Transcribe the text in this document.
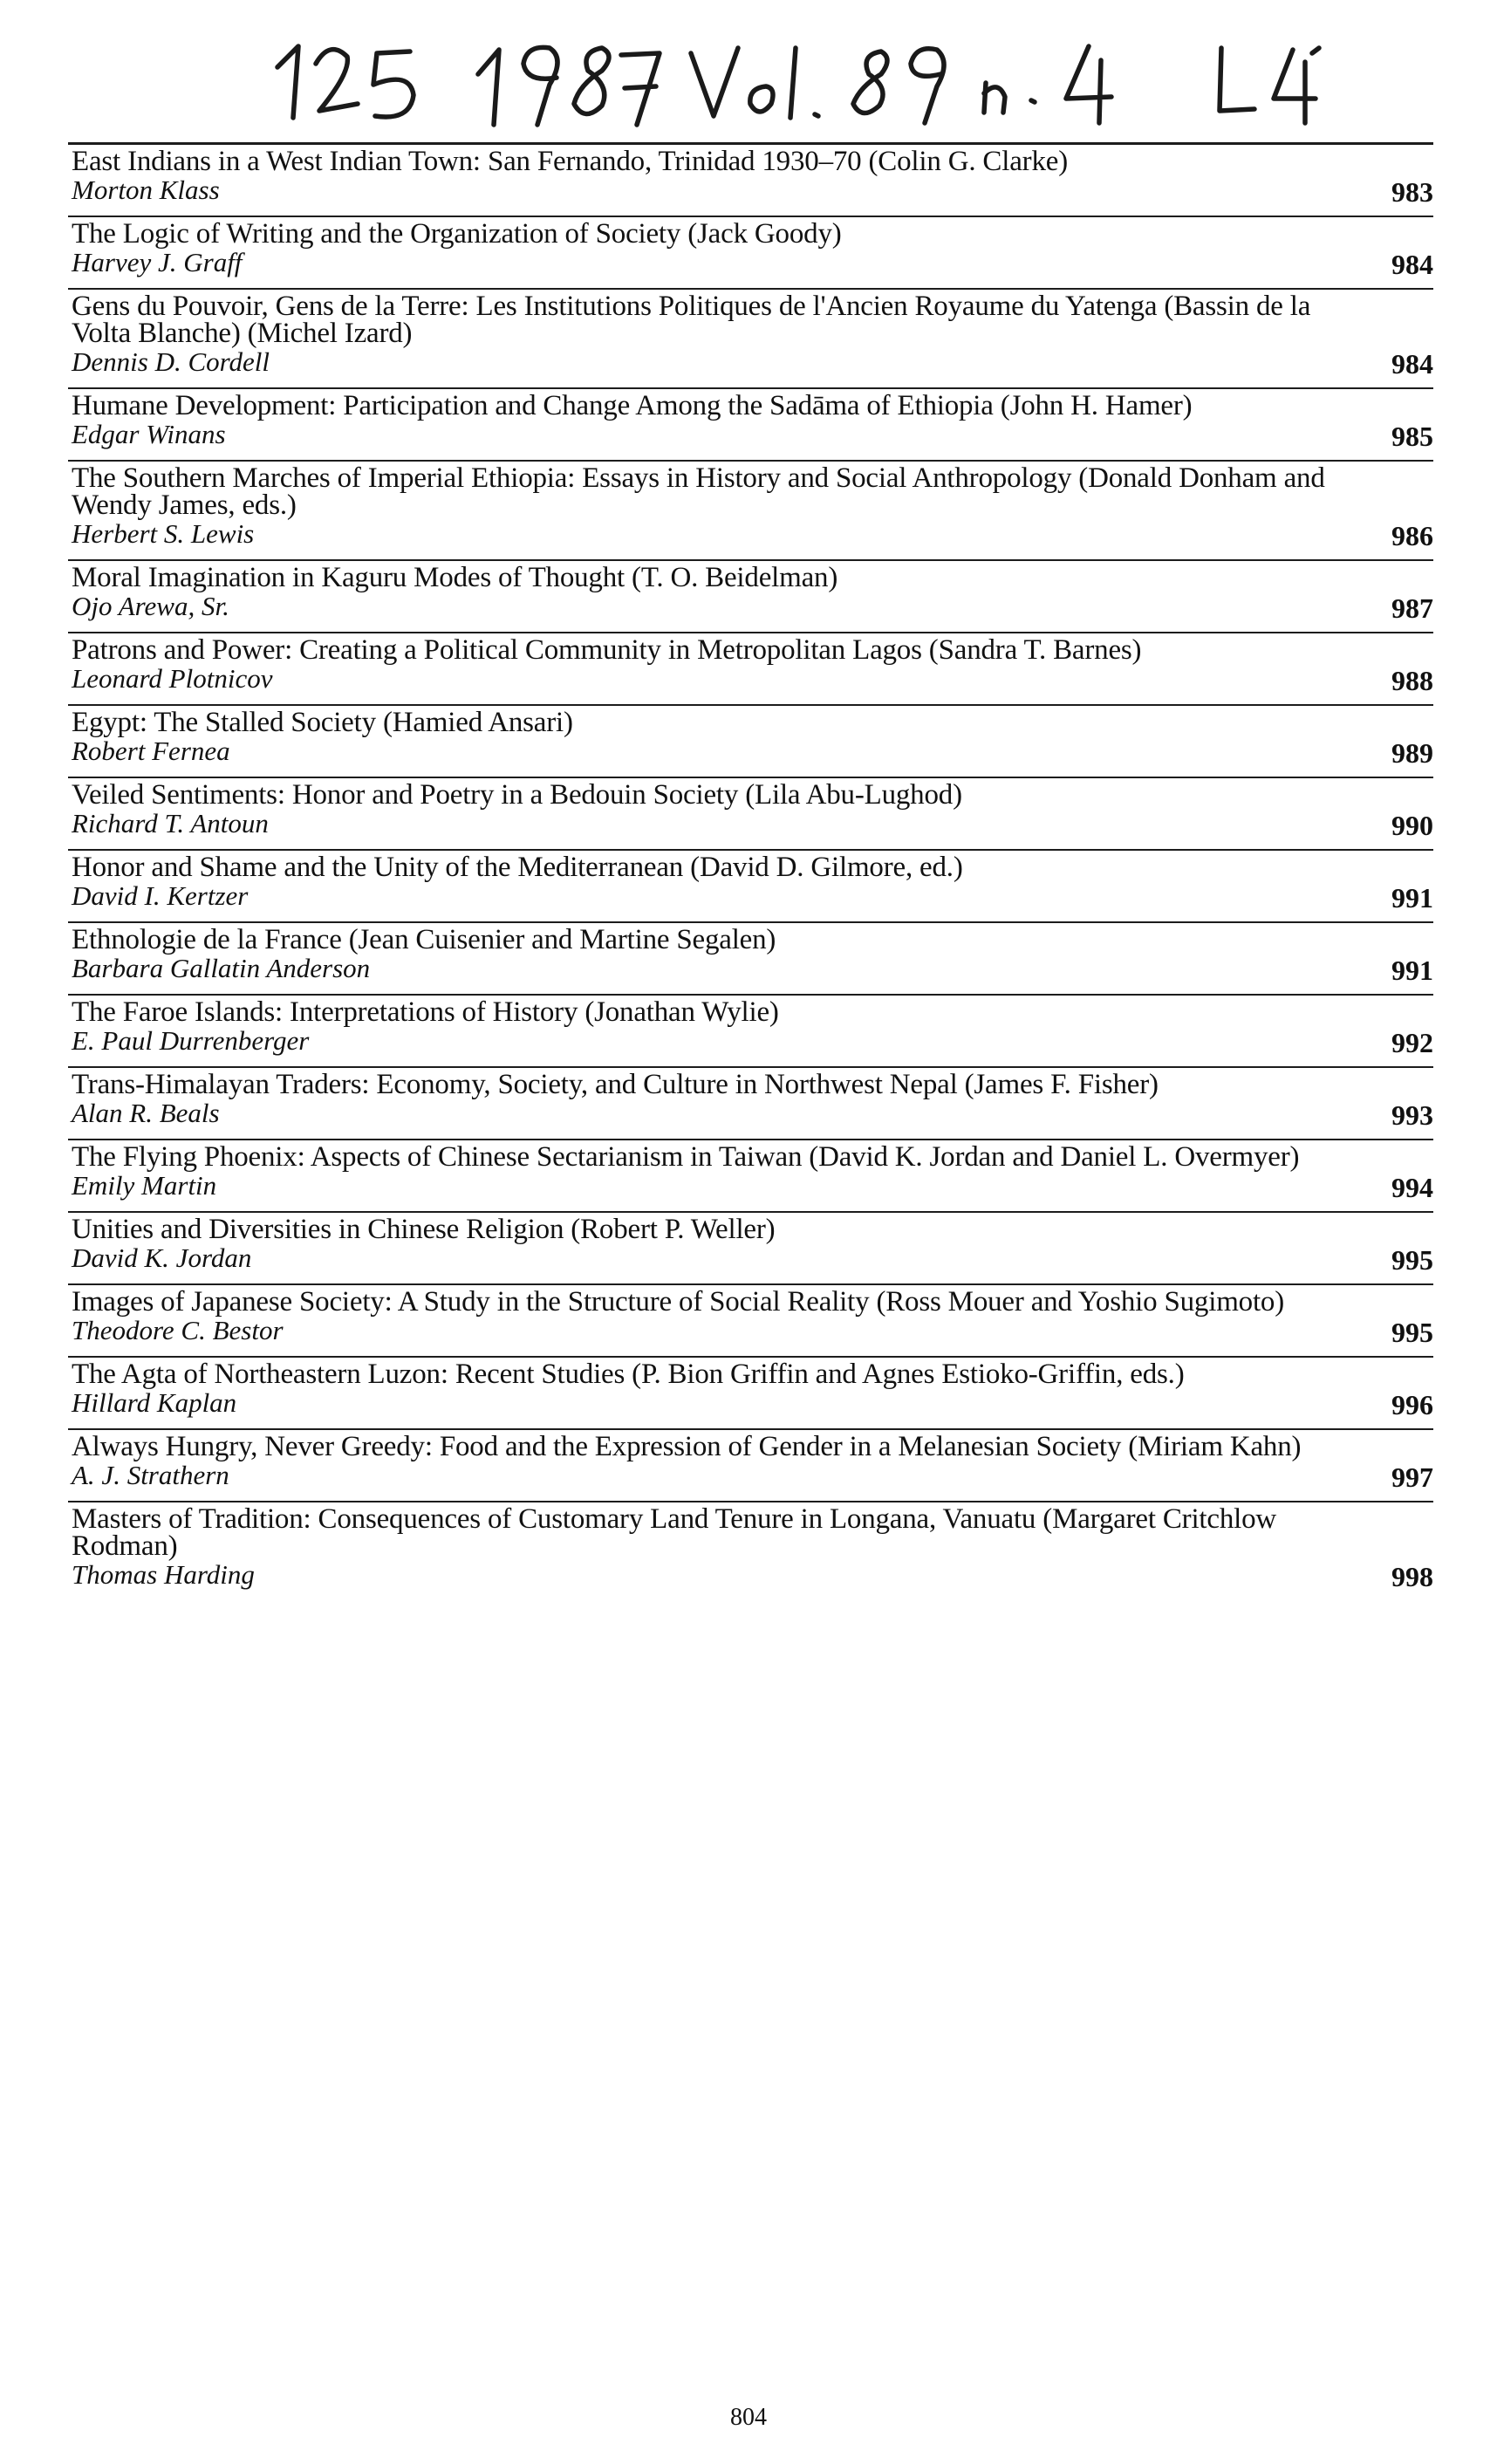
East Indians in a West Indian Town: San Fernando, Trinidad 1930–70 (Colin G. Clarke)
Morton Klass	983
The Logic of Writing and the Organization of Society (Jack Goody)
Harvey J. Graff	984
Gens du Pouvoir, Gens de la Terre: Les Institutions Politiques de l'Ancien Royaume du Yatenga (Bassin de la Volta Blanche) (Michel Izard)
Dennis D. Cordell	984
Humane Development: Participation and Change Among the Sadāma of Ethiopia (John H. Hamer)
Edgar Winans	985
The Southern Marches of Imperial Ethiopia: Essays in History and Social Anthropology (Donald Donham and Wendy James, eds.)
Herbert S. Lewis	986
Moral Imagination in Kaguru Modes of Thought (T. O. Beidelman)
Ojo Arewa, Sr.	987
Patrons and Power: Creating a Political Community in Metropolitan Lagos (Sandra T. Barnes)
Leonard Plotnicov	988
Egypt: The Stalled Society (Hamied Ansari)
Robert Fernea	989
Veiled Sentiments: Honor and Poetry in a Bedouin Society (Lila Abu-Lughod)
Richard T. Antoun	990
Honor and Shame and the Unity of the Mediterranean (David D. Gilmore, ed.)
David I. Kertzer	991
Ethnologie de la France (Jean Cuisenier and Martine Segalen)
Barbara Gallatin Anderson	991
The Faroe Islands: Interpretations of History (Jonathan Wylie)
E. Paul Durrenberger	992
Trans-Himalayan Traders: Economy, Society, and Culture in Northwest Nepal (James F. Fisher)
Alan R. Beals	993
The Flying Phoenix: Aspects of Chinese Sectarianism in Taiwan (David K. Jordan and Daniel L. Overmyer)
Emily Martin	994
Unities and Diversities in Chinese Religion (Robert P. Weller)
David K. Jordan	995
Images of Japanese Society: A Study in the Structure of Social Reality (Ross Mouer and Yoshio Sugimoto)
Theodore C. Bestor	995
The Agta of Northeastern Luzon: Recent Studies (P. Bion Griffin and Agnes Estioko-Griffin, eds.)
Hillard Kaplan	996
Always Hungry, Never Greedy: Food and the Expression of Gender in a Melanesian Society (Miriam Kahn)
A. J. Strathern	997
Masters of Tradition: Consequences of Customary Land Tenure in Longana, Vanuatu (Margaret Critchlow Rodman)
Thomas Harding	998
804
